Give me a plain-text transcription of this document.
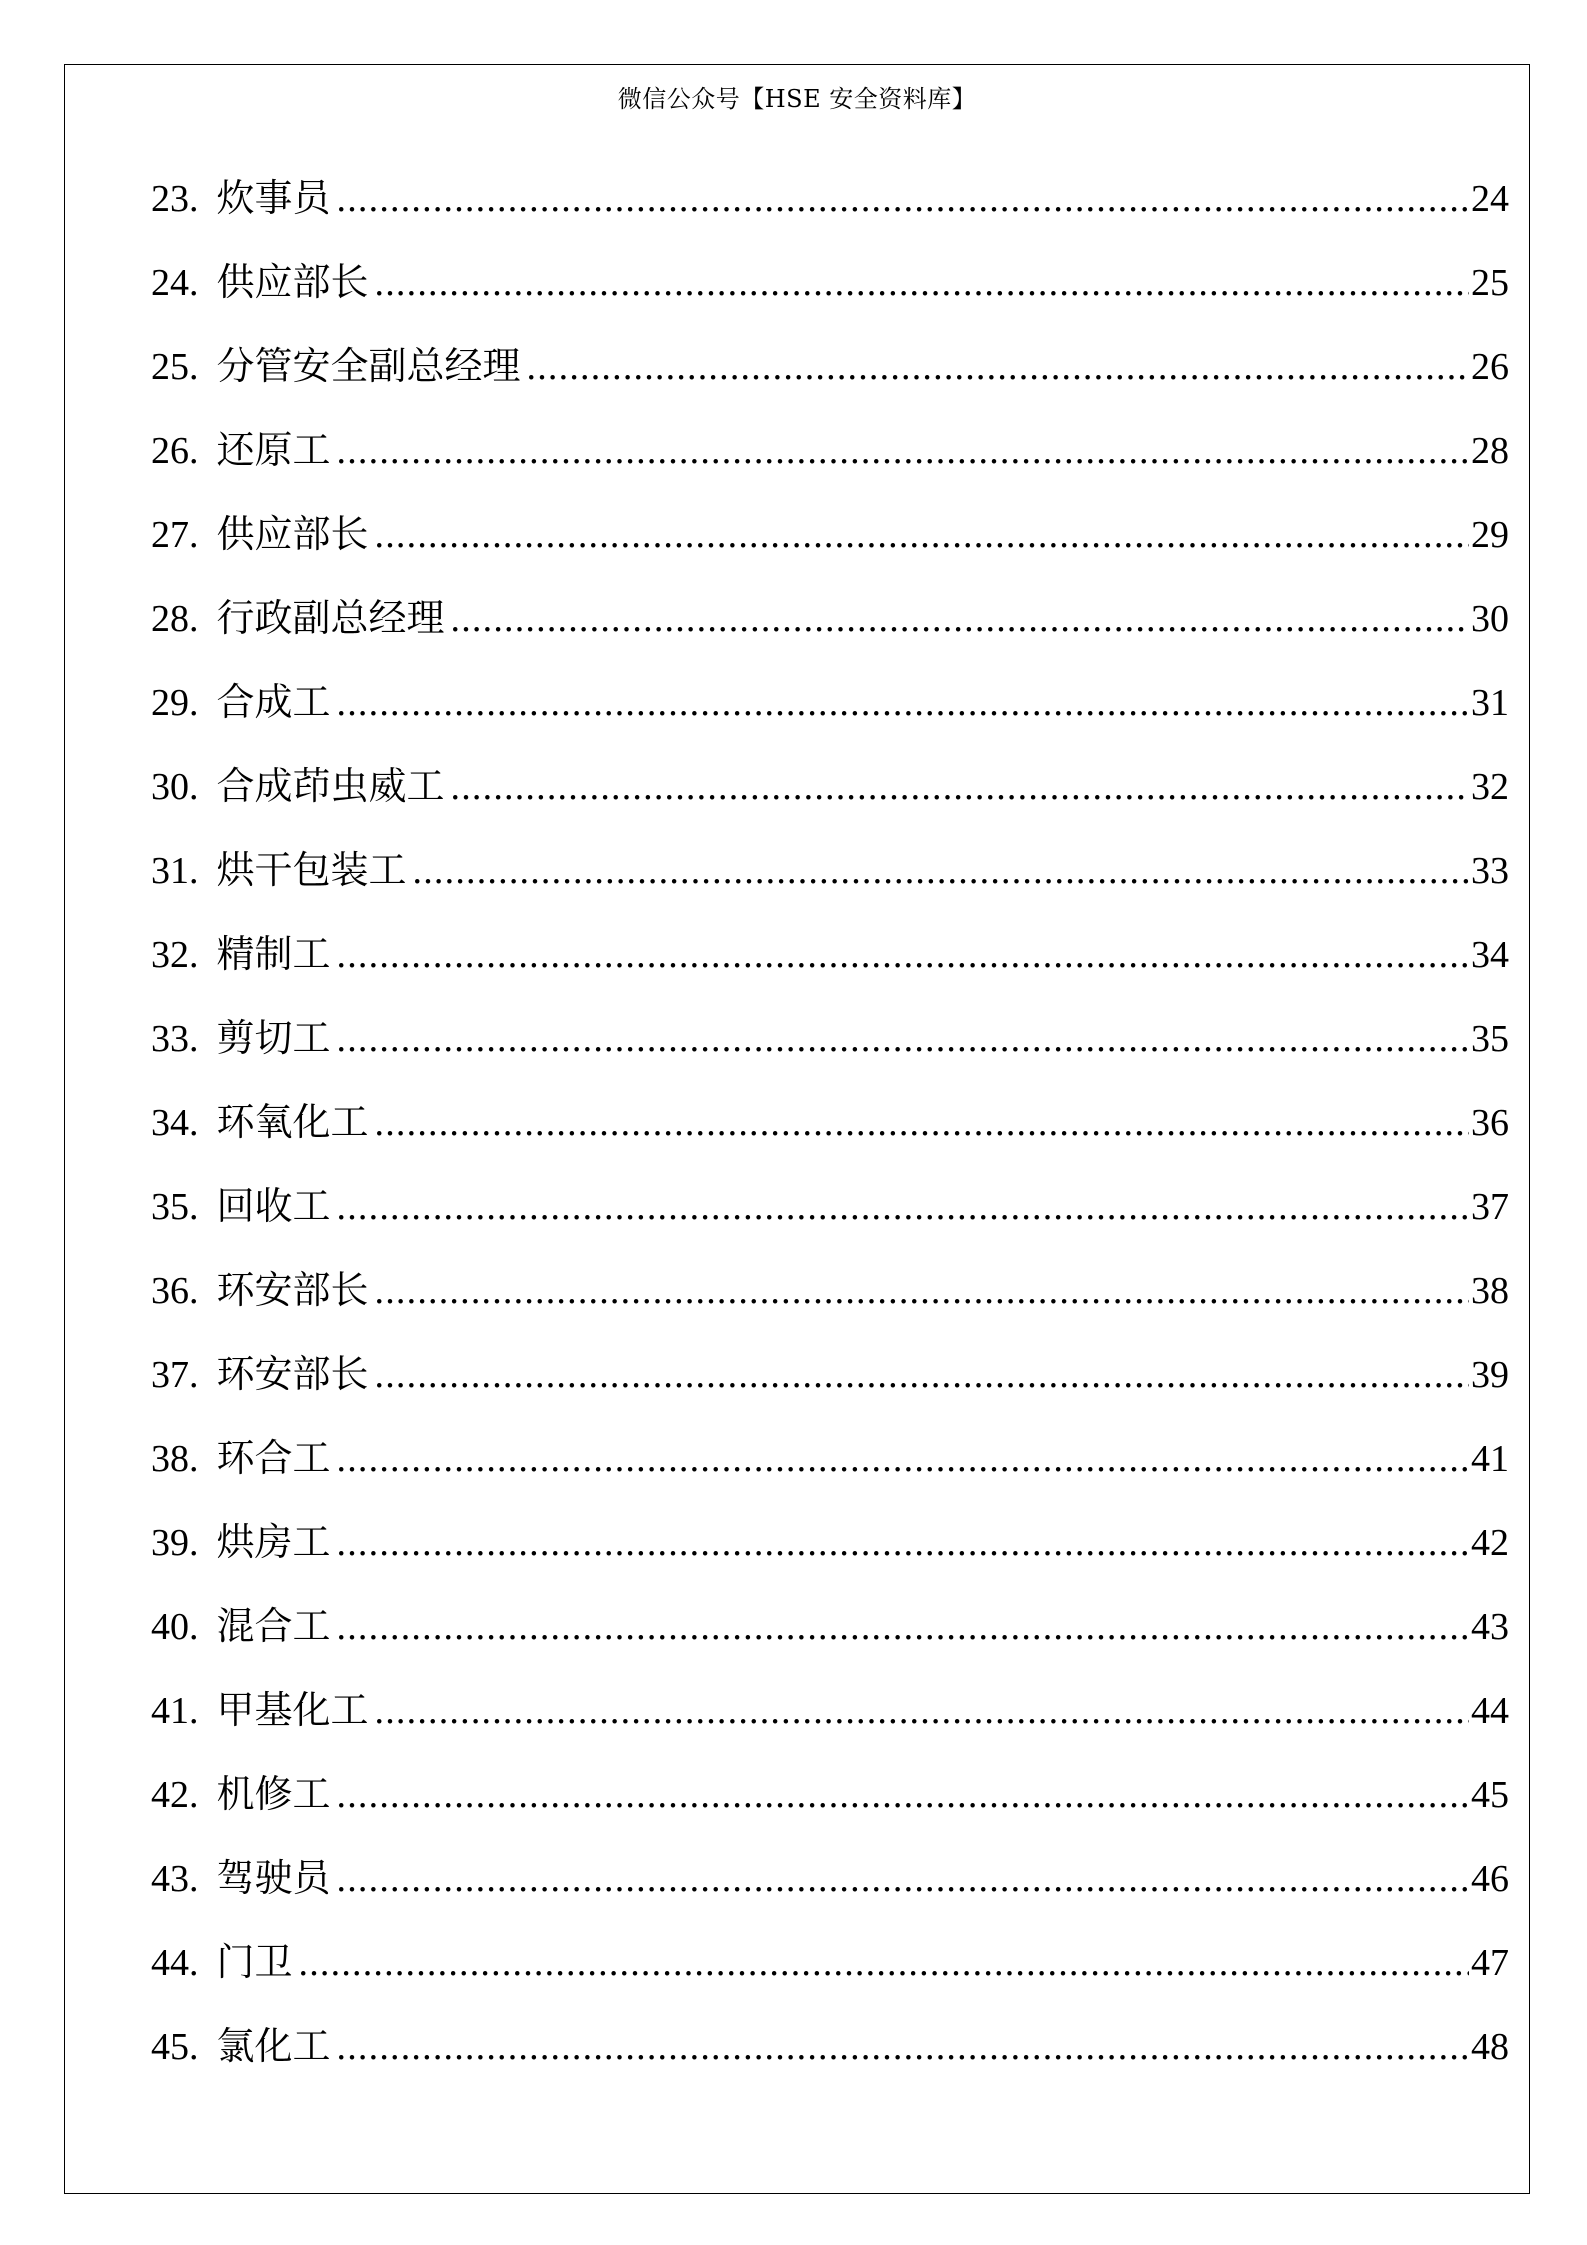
微信公众号【HSE 安全资料库】
23. 炊事员 .....	24
24. 供应部长 .....	25
25. 分管安全副总经理 .....	26
26. 还原工 .....	28
27. 供应部长 .....	29
28. 行政副总经理 .....	30
29. 合成工 .....	31
30. 合成茚虫威工 .....	32
31. 烘干包装工 .....	33
32. 精制工 .....	34
33. 剪切工 .....	35
34. 环氧化工 .....	36
35. 回收工 .....	37
36. 环安部长 .....	38
37. 环安部长 .....	39
38. 环合工 .....	41
39. 烘房工 .....	42
40. 混合工 .....	43
41. 甲基化工 .....	44
42. 机修工 .....	45
43. 驾驶员 .....	46
44. 门卫 .....	47
45. 氯化工 .....	48
